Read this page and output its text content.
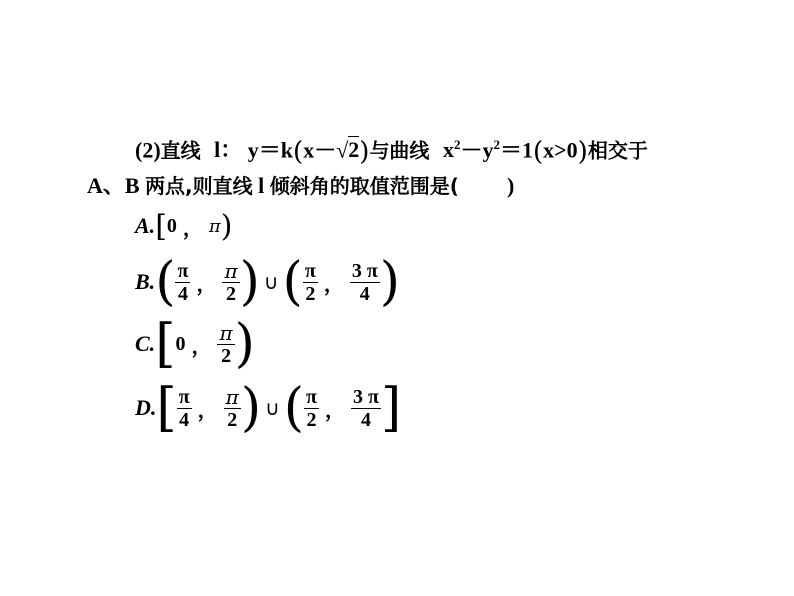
(2)直线 l： y＝k(x－√2)与曲线 $x^2-y^2=1(x>0)$相交于
A、B 两点,则直线 l 倾斜角的取值范围是( )
A. [ 0 ， π )
B. ( $\frac{\pi}{4}$ ， $\frac{\pi}{2}$ ) ∪ ( $\frac{\pi}{2}$ ， $\frac{3 \pi}{4}$ )
C. [ 0 ， $\frac{\pi}{2}$ )
D. [ $\frac{\pi}{4}$ ， $\frac{\pi}{2}$ ) ∪ ( $\frac{\pi}{2}$ ， $\frac{3 \pi}{4}$ ]
